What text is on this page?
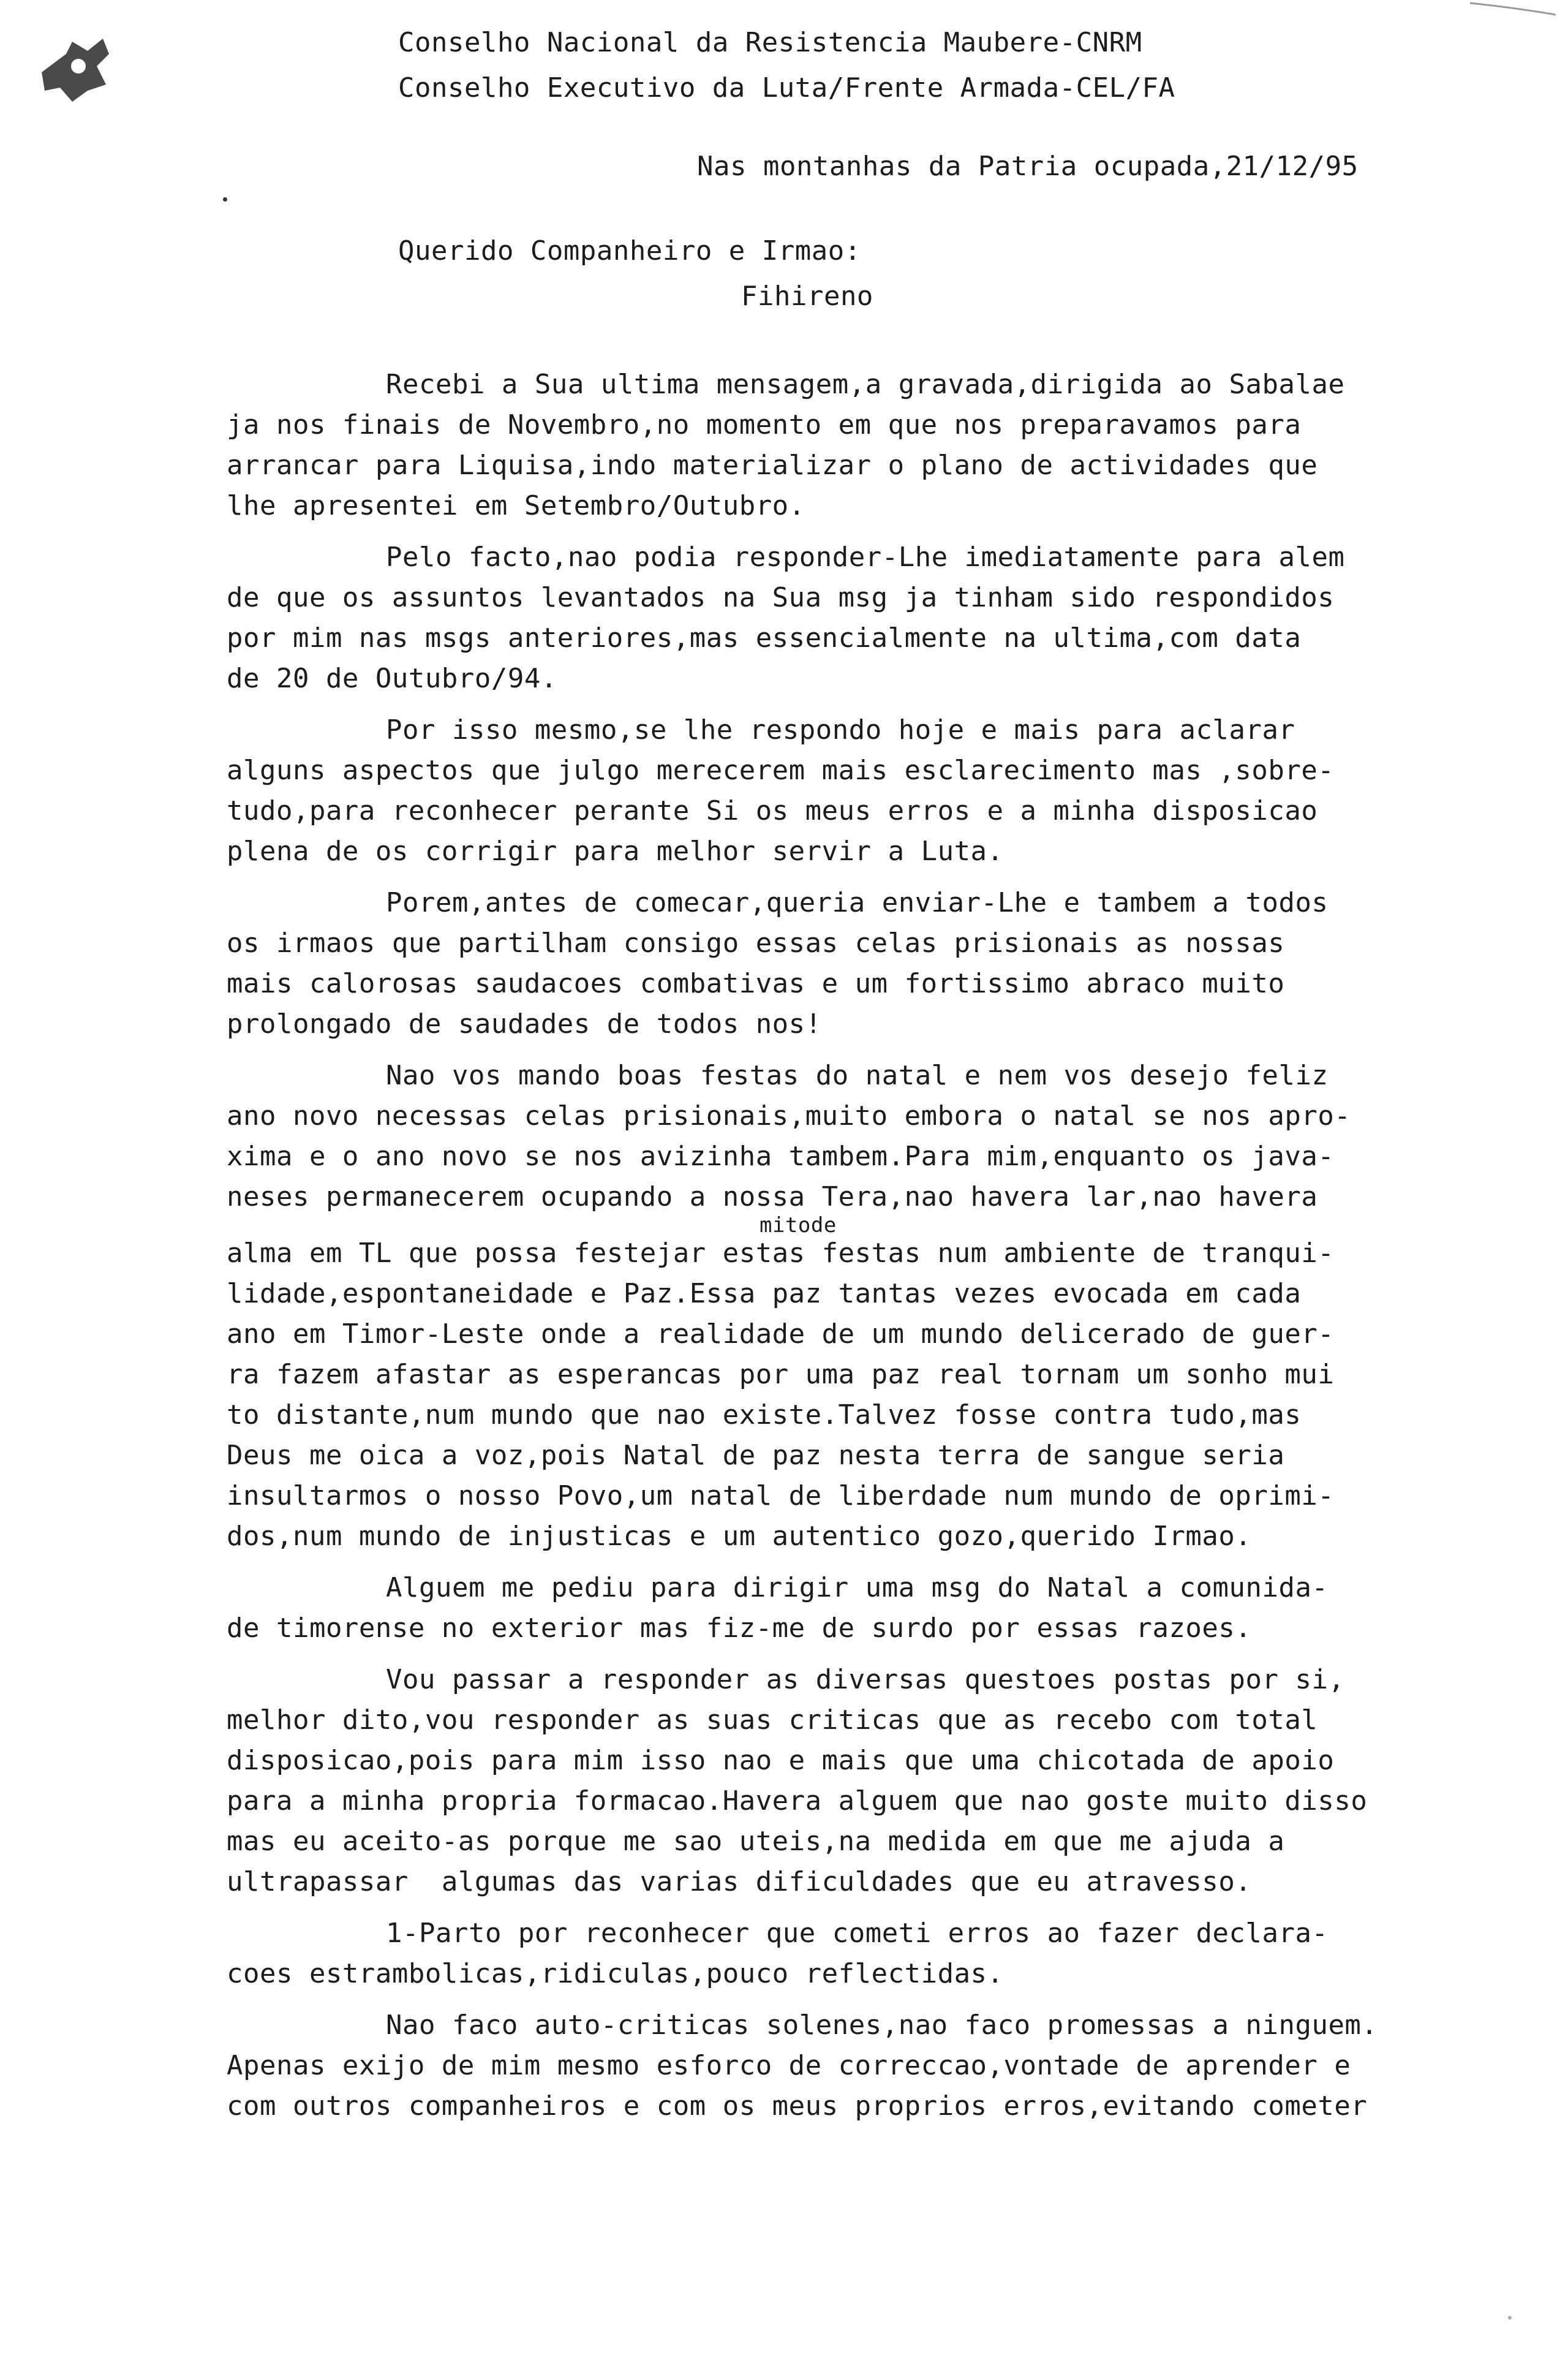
Conselho Nacional da Resistencia Maubere-CNRM
Conselho Executivo da Luta/Frente Armada-CEL/FA
Nas montanhas da Patria ocupada,21/12/95
Querido Companheiro e Irmao:
Fihireno
Recebi a Sua ultima mensagem,a gravada,dirigida ao Sabalae
ja nos finais de Novembro,no momento em que nos preparavamos para
arrancar para Liquisa,indo materializar o plano de actividades que
lhe apresentei em Setembro/Outubro.
Pelo facto,nao podia responder-Lhe imediatamente para alem
de que os assuntos levantados na Sua msg ja tinham sido respondidos
por mim nas msgs anteriores,mas essencialmente na ultima,com data
de 20 de Outubro/94.
Por isso mesmo,se lhe respondo hoje e mais para aclarar
alguns aspectos que julgo merecerem mais esclarecimento mas ,sobre-
tudo,para reconhecer perante Si os meus erros e a minha disposicao
plena de os corrigir para melhor servir a Luta.
Porem,antes de comecar,queria enviar-Lhe e tambem a todos
os irmaos que partilham consigo essas celas prisionais as nossas
mais calorosas saudacoes combativas e um fortissimo abraco muito
prolongado de saudades de todos nos!
Nao vos mando boas festas do natal e nem vos desejo feliz
ano novo necessas celas prisionais,muito embora o natal se nos apro-
xima e o ano novo se nos avizinha tambem.Para mim,enquanto os java-
neses permanecerem ocupando a nossa Tera,nao havera lar,nao havera
mitode
alma em TL que possa festejar estas festas num ambiente de tranqui-
lidade,espontaneidade e Paz.Essa paz tantas vezes evocada em cada
ano em Timor-Leste onde a realidade de um mundo delicerado de guer-
ra fazem afastar as esperancas por uma paz real tornam um sonho mui
to distante,num mundo que nao existe.Talvez fosse contra tudo,mas
Deus me oica a voz,pois Natal de paz nesta terra de sangue seria
insultarmos o nosso Povo,um natal de liberdade num mundo de oprimi-
dos,num mundo de injusticas e um autentico gozo,querido Irmao.
Alguem me pediu para dirigir uma msg do Natal a comunida-
de timorense no exterior mas fiz-me de surdo por essas razoes.
Vou passar a responder as diversas questoes postas por si,
melhor dito,vou responder as suas criticas que as recebo com total
disposicao,pois para mim isso nao e mais que uma chicotada de apoio
para a minha propria formacao.Havera alguem que nao goste muito disso
mas eu aceito-as porque me sao uteis,na medida em que me ajuda a
ultrapassar  algumas das varias dificuldades que eu atravesso.
1-Parto por reconhecer que cometi erros ao fazer declara-
coes estrambolicas,ridiculas,pouco reflectidas.
Nao faco auto-criticas solenes,nao faco promessas a ninguem.
Apenas exijo de mim mesmo esforco de correccao,vontade de aprender e
com outros companheiros e com os meus proprios erros,evitando cometer
